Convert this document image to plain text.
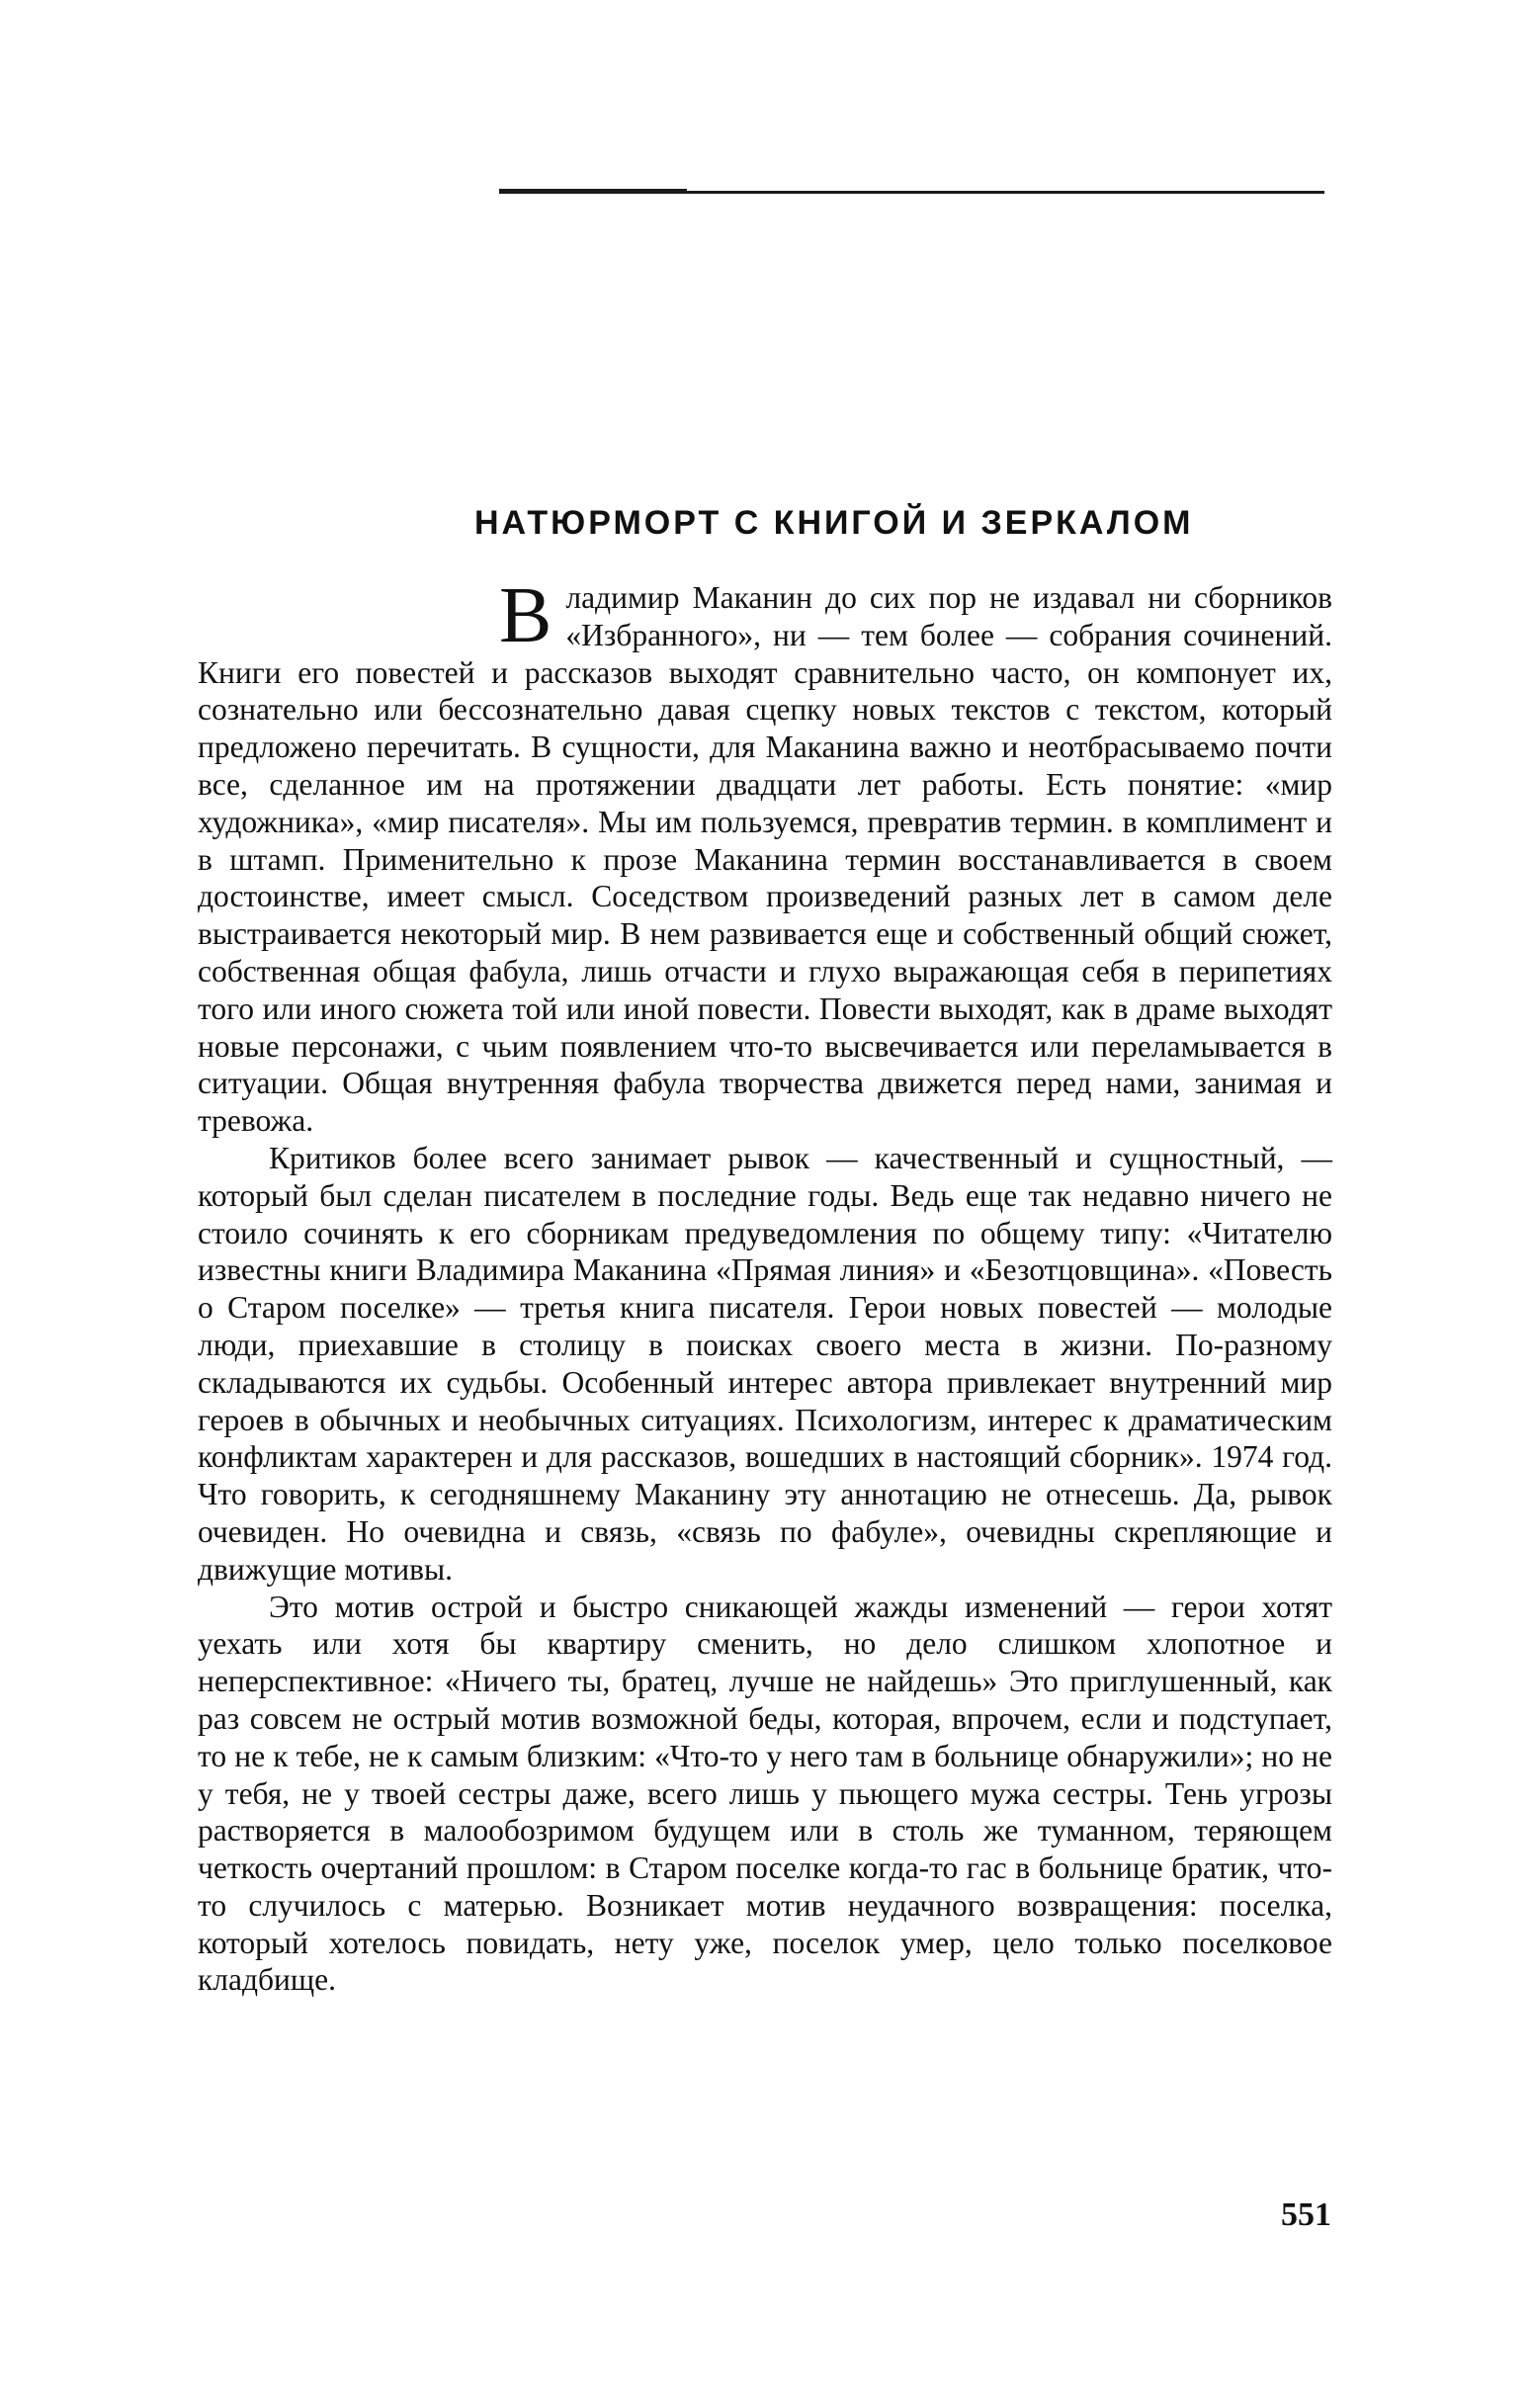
НАТЮРМОРТ С КНИГОЙ И ЗЕРКАЛОМ

Владимир Маканин до сих пор не издавал ни сборников «Избранного», ни — тем более — собрания сочинений. Книги его повестей и рассказов выходят сравнительно часто, он компонует их, сознательно или бессознательно давая сцепку новых текстов с текстом, который предложено перечитать. В сущности, для Маканина важно и неотбрасываемо почти все, сделанное им на протяжении двадцати лет работы. Есть понятие: «мир художника», «мир писателя». Мы им пользуемся, превратив термин. в комплимент и в штамп. Применительно к прозе Маканина термин восстанавливается в своем достоинстве, имеет смысл. Соседством произведений разных лет в самом деле выстраивается некоторый мир. В нем развивается еще и собственный общий сюжет, собственная общая фабула, лишь отчасти и глухо выражающая себя в перипетиях того или иного сюжета той или иной повести. Повести выходят, как в драме выходят новые персонажи, с чьим появлением что-то высвечивается или переламывается в ситуации. Общая внутренняя фабула творчества движется перед нами, занимая и тревожа.

Критиков более всего занимает рывок — качественный и сущностный, — который был сделан писателем в последние годы. Ведь еще так недавно ничего не стоило сочинять к его сборникам предуведомления по общему типу: «Читателю известны книги Владимира Маканина «Прямая линия» и «Безотцовщина». «Повесть о Старом поселке» — третья книга писателя. Герои новых повестей — молодые люди, приехавшие в столицу в поисках своего места в жизни. По-разному складываются их судьбы. Особенный интерес автора привлекает внутренний мир героев в обычных и необычных ситуациях. Психологизм, интерес к драматическим конфликтам характерен и для рассказов, вошедших в настоящий сборник». 1974 год. Что говорить, к сегодняшнему Маканину эту аннотацию не отнесешь. Да, рывок очевиден. Но очевидна и связь, «связь по фабуле», очевидны скрепляющие и движущие мотивы.

Это мотив острой и быстро сникающей жажды изменений — герои хотят уехать или хотя бы квартиру сменить, но дело слишком хлопотное и неперспективное: «Ничего ты, братец, лучше не найдешь» Это приглушенный, как раз совсем не острый мотив возможной беды, которая, впрочем, если и подступает, то не к тебе, не к самым близким: «Что-то у него там в больнице обнаружили»; но не у тебя, не у твоей сестры даже, всего лишь у пьющего мужа сестры. Тень угрозы растворяется в малообозримом будущем или в столь же туманном, теряющем четкость очертаний прошлом: в Старом поселке когда-то гас в больнице братик, что-то случилось с матерью. Возникает мотив неудачного возвращения: поселка, который хотелось повидать, нету уже, поселок умер, цело только поселковое кладбище.

551
